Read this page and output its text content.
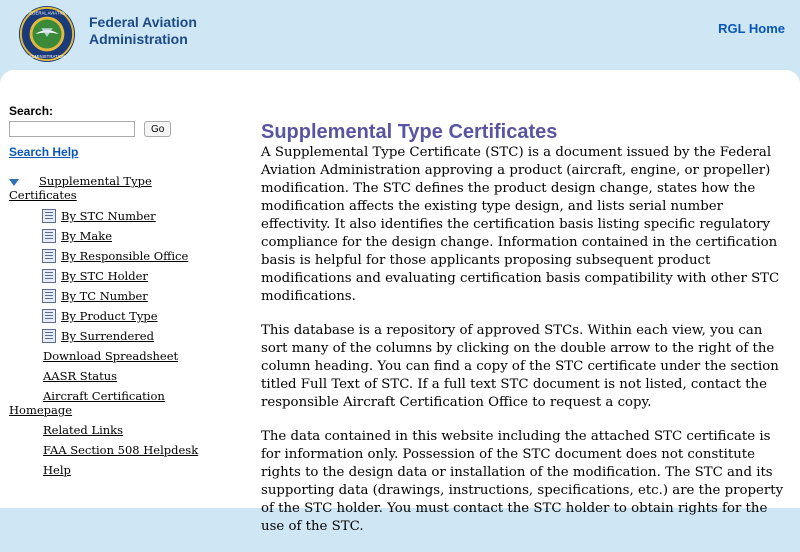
FEDERAL AVIATION
ADMINISTRATION
Federal Aviation
Administration
RGL Home
Search:
Go
Search Help
Supplemental Type Certificates
By STC Number
By Make
By Responsible Office
By STC Holder
By TC Number
By Product Type
By Surrendered
Download Spreadsheet
AASR Status
Aircraft Certification Homepage
Related Links
FAA Section 508 Helpdesk
Help
Supplemental Type Certificates

A Supplemental Type Certificate (STC) is a document issued by the Federal Aviation Administration approving a product (aircraft, engine, or propeller) modification. The STC defines the product design change, states how the modification affects the existing type design, and lists serial number effectivity. It also identifies the certification basis listing specific regulatory compliance for the design change. Information contained in the certification basis is helpful for those applicants proposing subsequent product modifications and evaluating certification basis compatibility with other STC modifications.

This database is a repository of approved STCs. Within each view, you can sort many of the columns by clicking on the double arrow to the right of the column heading. You can find a copy of the STC certificate under the section titled Full Text of STC. If a full text STC document is not listed, contact the responsible Aircraft Certification Office to request a copy.

The data contained in this website including the attached STC certificate is for information only. Possession of the STC document does not constitute rights to the design data or installation of the modification. The STC and its supporting data (drawings, instructions, specifications, etc.) are the property of the STC holder. You must contact the STC holder to obtain rights for the use of the STC.
